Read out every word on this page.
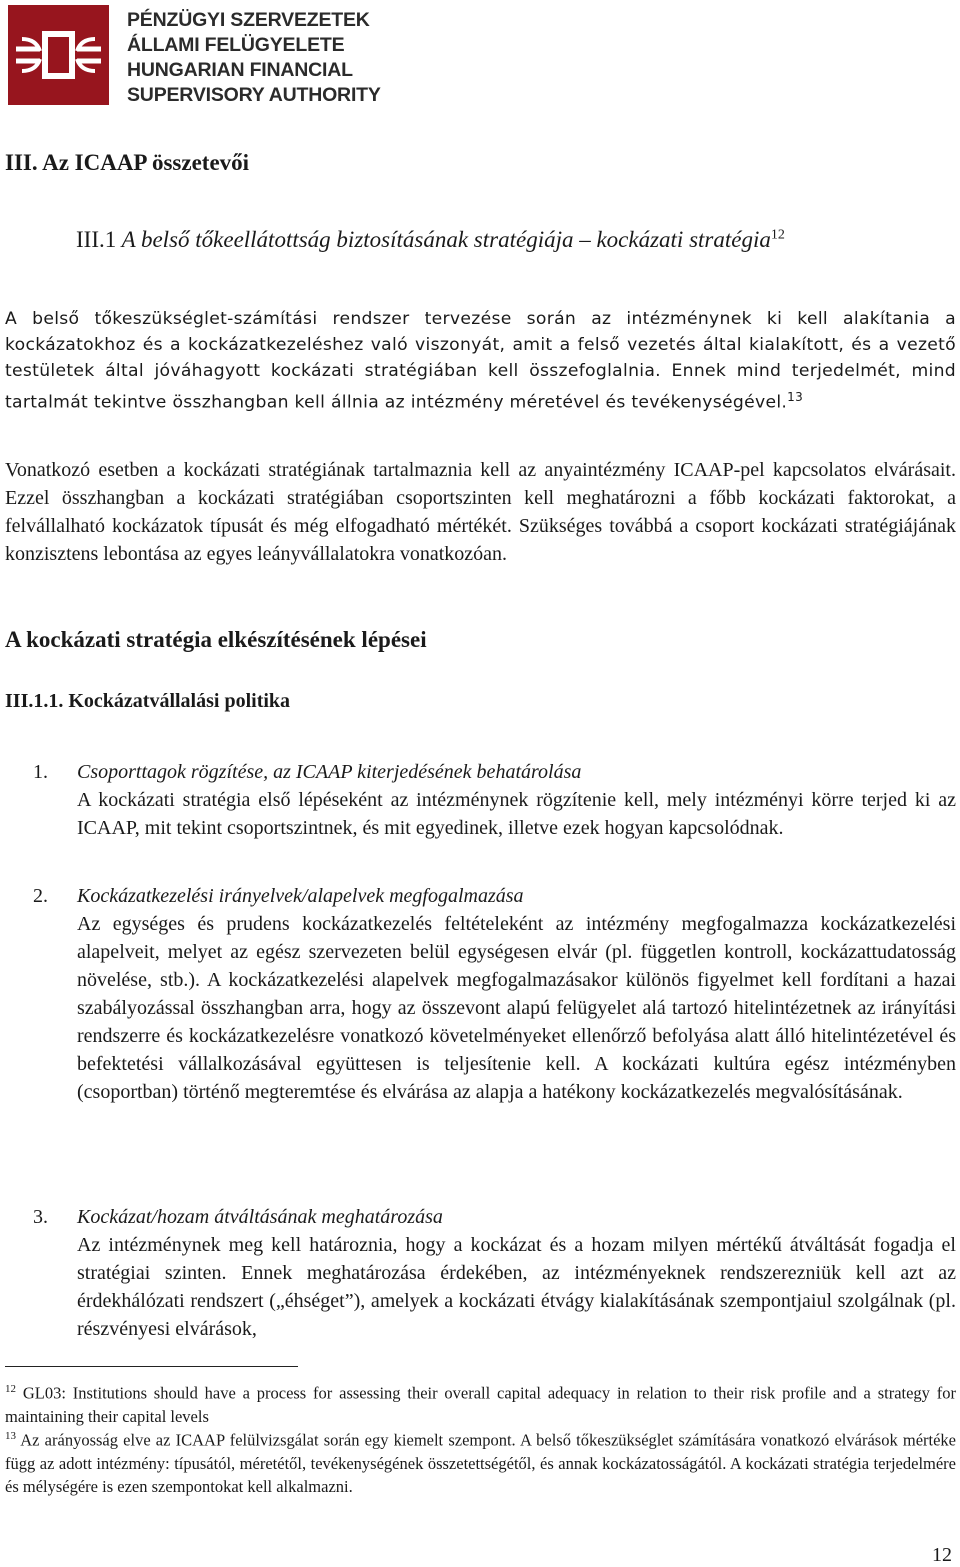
PÉNZÜGYI SZERVEZETEK
ÁLLAMI FELÜGYELETE
HUNGARIAN FINANCIAL
SUPERVISORY AUTHORITY
III. Az ICAAP összetevői
III.1 A belső tőkeellátottság biztosításának stratégiája – kockázati stratégia$^{12}$
A belső tőkeszükséglet-számítási rendszer tervezése során az intézménynek ki kell alakítania a kockázatokhoz és a kockázatkezeléshez való viszonyát, amit a felső vezetés által kialakított, és a vezető testületek által jóváhagyott kockázati stratégiában kell összefoglalnia. Ennek mind terjedelmét, mind tartalmát tekintve összhangban kell állnia az intézmény méretével és tevékenységével.$^{13}$
Vonatkozó esetben a kockázati stratégiának tartalmaznia kell az anyaintézmény ICAAP-pel kapcsolatos elvárásait. Ezzel összhangban a kockázati stratégiában csoportszinten kell meghatározni a főbb kockázati faktorokat, a felvállalható kockázatok típusát és még elfogadható mértékét. Szükséges továbbá a csoport kockázati stratégiájának konzisztens lebontása az egyes leányvállalatokra vonatkozóan.
A kockázati stratégia elkészítésének lépései
III.1.1. Kockázatvállalási politika
1.	Csoporttagok rögzítése, az ICAAP kiterjedésének behatárolása
A kockázati stratégia első lépéseként az intézménynek rögzítenie kell, mely intézményi körre terjed ki az ICAAP, mit tekint csoportszintnek, és mit egyedinek, illetve ezek hogyan kapcsolódnak.
2.	Kockázatkezelési irányelvek/alapelvek megfogalmazása
Az egységes és prudens kockázatkezelés feltételeként az intézmény megfogalmazza kockázatkezelési alapelveit, melyet az egész szervezeten belül egységesen elvár (pl. független kontroll, kockázattudatosság növelése, stb.). A kockázatkezelési alapelvek megfogalmazásakor különös figyelmet kell fordítani a hazai szabályozással összhangban arra, hogy az összevont alapú felügyelet alá tartozó hitelintézetnek az irányítási rendszerre és kockázatkezelésre vonatkozó követelményeket ellenőrző befolyása alatt álló hitelintézetével és befektetési vállalkozásával együttesen is teljesítenie kell. A kockázati kultúra egész intézményben (csoportban) történő megteremtése és elvárása az alapja a hatékony kockázatkezelés megvalósításának.
3.	Kockázat/hozam átváltásának meghatározása
Az intézménynek meg kell határoznia, hogy a kockázat és a hozam milyen mértékű átváltását fogadja el stratégiai szinten. Ennek meghatározása érdekében, az intézményeknek rendszerezniük kell azt az érdekhálózati rendszert („éhséget”), amelyek a kockázati étvágy kialakításának szempontjaiul szolgálnak (pl. részvényesi elvárások,
$^{12}$ GL03: Institutions should have a process for assessing their overall capital adequacy in relation to their risk profile and a strategy for maintaining their capital levels
$^{13}$ Az arányosság elve az ICAAP felülvizsgálat során egy kiemelt szempont. A belső tőkeszükséglet számítására vonatkozó elvárások mértéke függ az adott intézmény: típusától, méretétől, tevékenységének összetettségétől, és annak kockázatosságától. A kockázati stratégia terjedelmére és mélységére is ezen szempontokat kell alkalmazni.
12
